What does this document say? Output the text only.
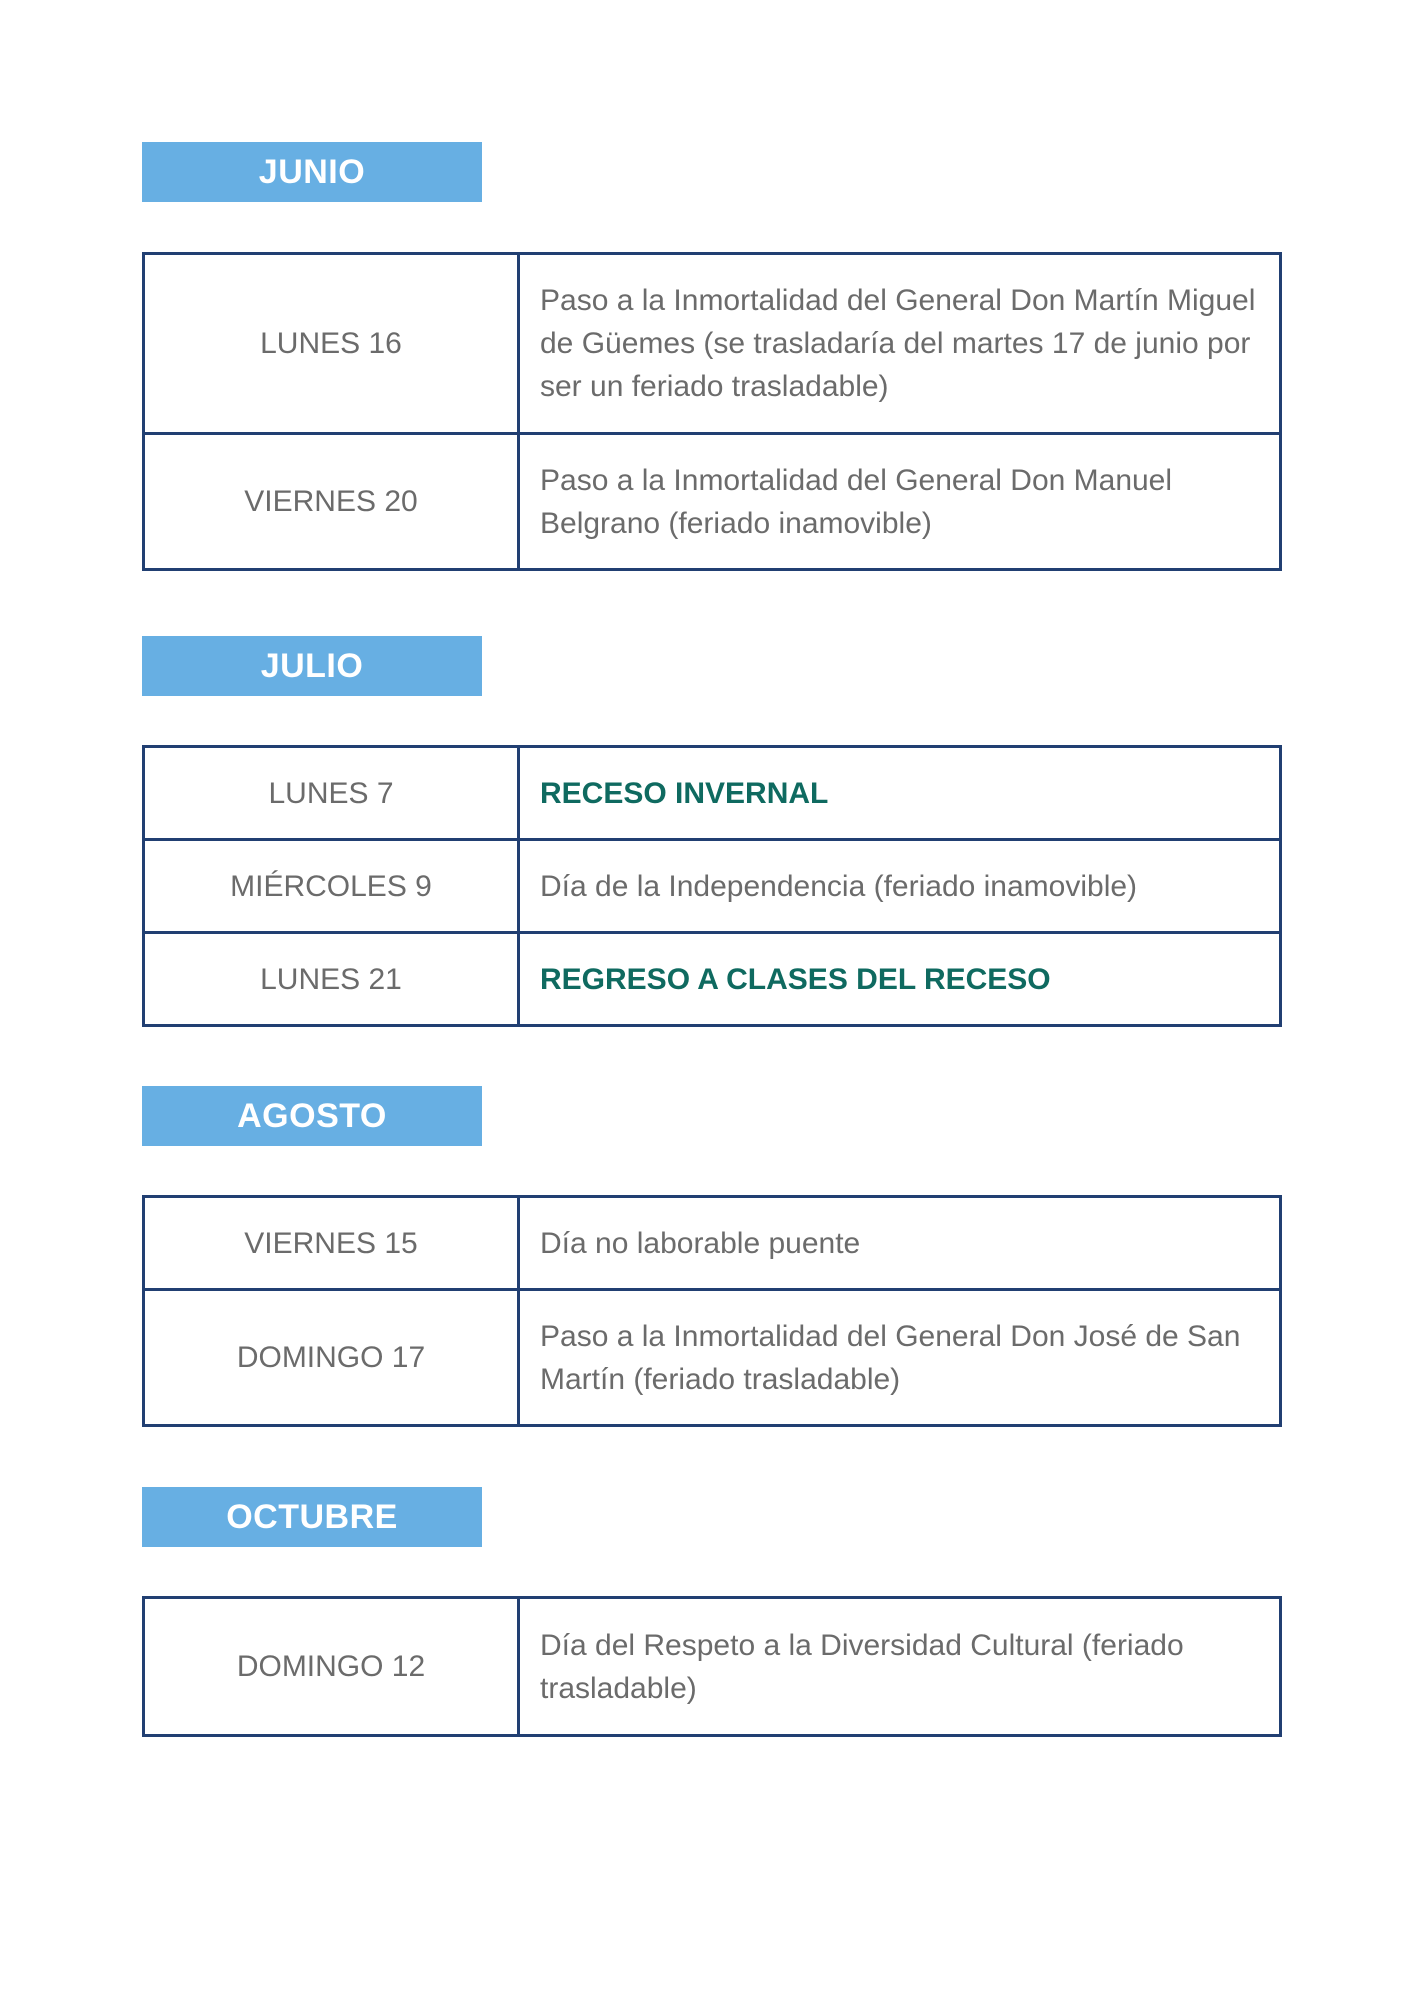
JUNIO
LUNES 16	Paso a la Inmortalidad del General Don Martín Miguel de Güemes (se trasladaría del martes 17 de junio por ser un feriado trasladable)
VIERNES 20	Paso a la Inmortalidad del General Don Manuel Belgrano (feriado inamovible)
JULIO
LUNES 7	RECESO INVERNAL
MIÉRCOLES 9	Día de la Independencia (feriado inamovible)
LUNES 21	REGRESO A CLASES DEL RECESO
AGOSTO
VIERNES 15	Día no laborable puente
DOMINGO 17	Paso a la Inmortalidad del General Don José de San Martín (feriado trasladable)
OCTUBRE
DOMINGO 12	Día del Respeto a la Diversidad Cultural (feriado trasladable)
